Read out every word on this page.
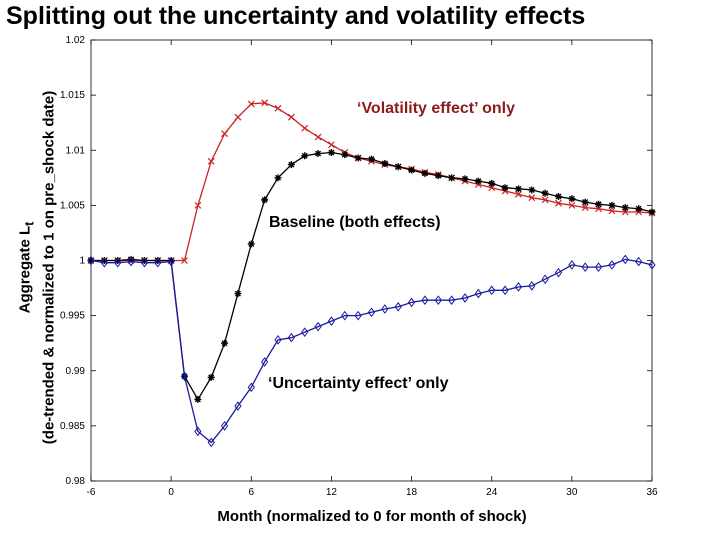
Splitting out the uncertainty and volatility effects
Aggregate $L_t$ (de-trended & normalized to 1 on pre_shock date)
Month (normalized to 0 for month of shock)
-6	0	6	12	18	24	30	36
0.98
0.985
0.99
0.995
1
1.005
1.01
1.015
1.02
‘Volatility effect’ only
Baseline (both effects)
‘Uncertainty effect’ only
